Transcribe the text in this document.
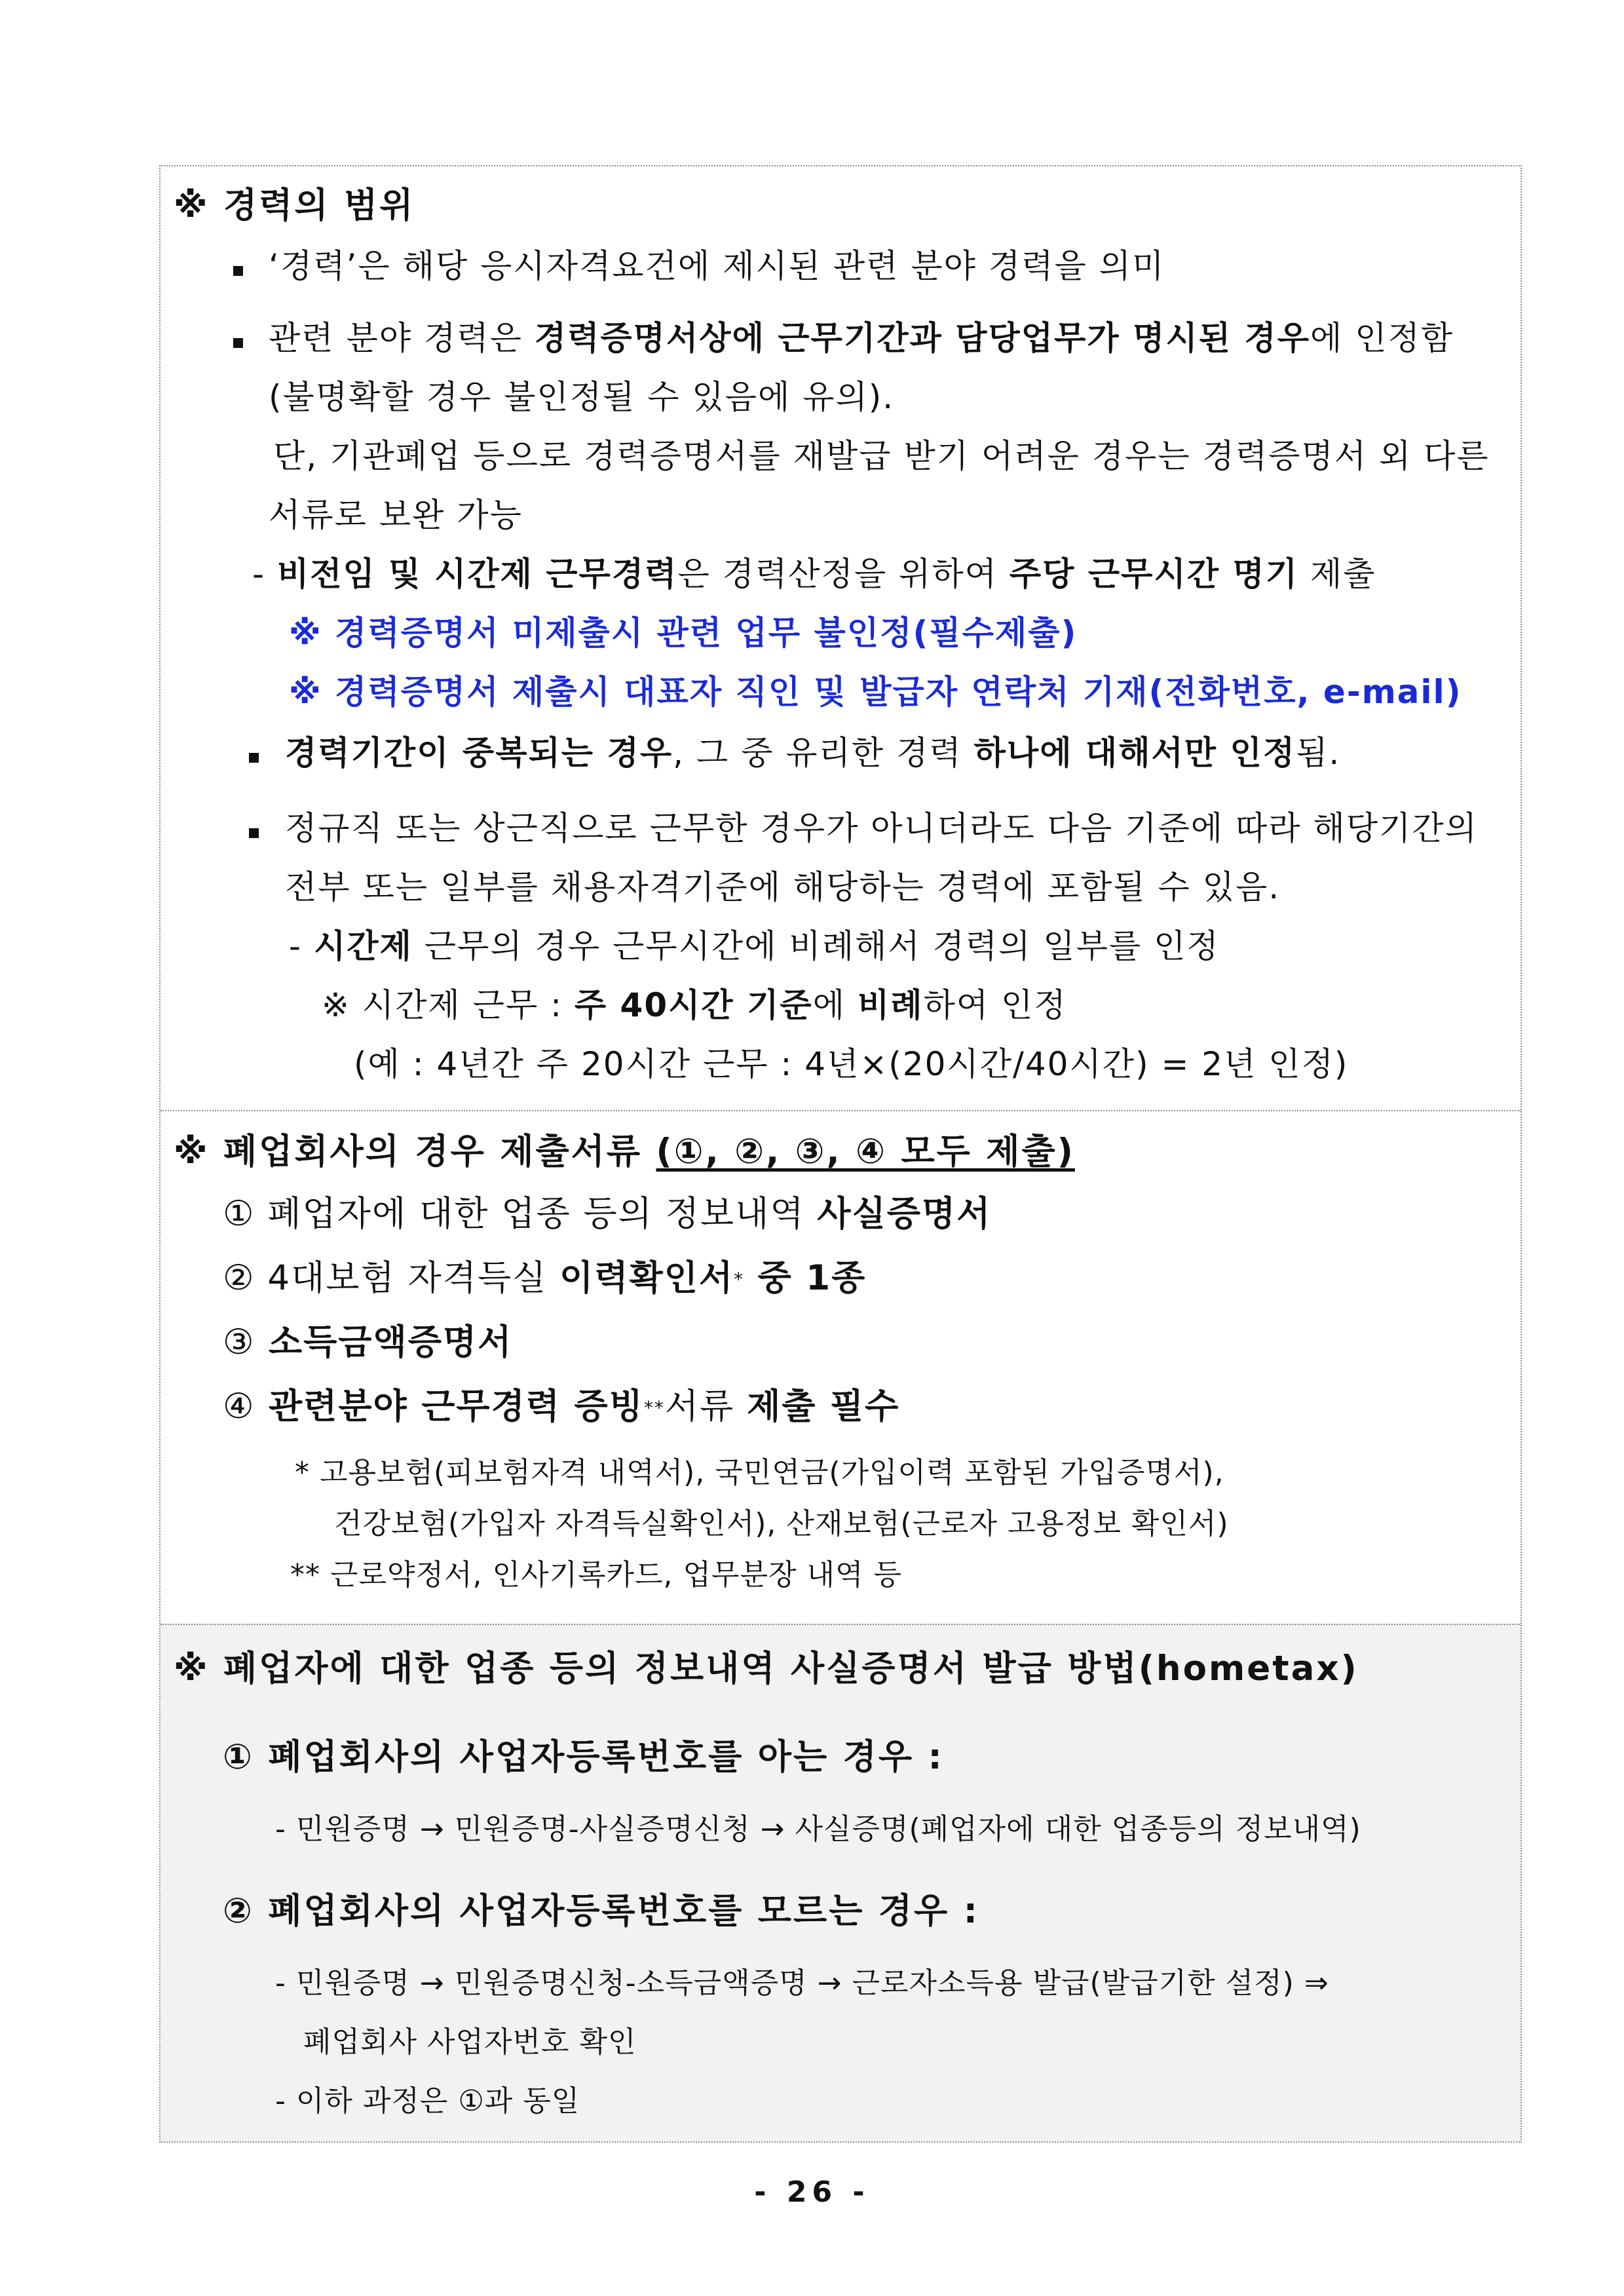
※ 경력의 범위
‘경력’은 해당 응시자격요건에 제시된 관련 분야 경력을 의미
관련 분야 경력은 경력증명서상에 근무기간과 담당업무가 명시된 경우에 인정함
(불명확할 경우 불인정될 수 있음에 유의).
단, 기관폐업 등으로 경력증명서를 재발급 받기 어려운 경우는 경력증명서 외 다른
서류로 보완 가능
- 비전임 및 시간제 근무경력은 경력산정을 위하여 주당 근무시간 명기 제출
※ 경력증명서 미제출시 관련 업무 불인정(필수제출)
※ 경력증명서 제출시 대표자 직인 및 발급자 연락처 기재(전화번호, e-mail)
경력기간이 중복되는 경우, 그 중 유리한 경력 하나에 대해서만 인정됨.
정규직 또는 상근직으로 근무한 경우가 아니더라도 다음 기준에 따라 해당기간의
전부 또는 일부를 채용자격기준에 해당하는 경력에 포함될 수 있음.
- 시간제 근무의 경우 근무시간에 비례해서 경력의 일부를 인정
※ 시간제 근무 : 주 40시간 기준에 비례하여 인정
(예 : 4년간 주 20시간 근무 : 4년×(20시간/40시간) = 2년 인정)
※ 폐업회사의 경우 제출서류 (①, ②, ③, ④ 모두 제출)
① 폐업자에 대한 업종 등의 정보내역 사실증명서
② 4대보험 자격득실 이력확인서* 중 1종
③ 소득금액증명서
④ 관련분야 근무경력 증빙**서류 제출 필수
* 고용보험(피보험자격 내역서), 국민연금(가입이력 포함된 가입증명서),
건강보험(가입자 자격득실확인서), 산재보험(근로자 고용정보 확인서)
** 근로약정서, 인사기록카드, 업무분장 내역 등
※ 폐업자에 대한 업종 등의 정보내역 사실증명서 발급 방법(hometax)
① 폐업회사의 사업자등록번호를 아는 경우 :
- 민원증명 → 민원증명-사실증명신청 → 사실증명(폐업자에 대한 업종등의 정보내역)
② 폐업회사의 사업자등록번호를 모르는 경우 :
- 민원증명 → 민원증명신청-소득금액증명 → 근로자소득용 발급(발급기한 설정) ⇒
폐업회사 사업자번호 확인
- 이하 과정은 ①과 동일
- 26 -
